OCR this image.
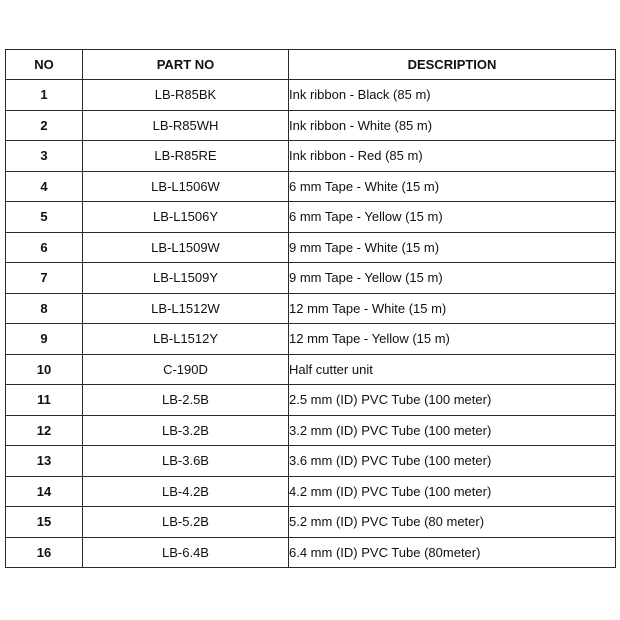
NO	PART NO	DESCRIPTION
1	LB-R85BK	Ink ribbon - Black (85 m)
2	LB-R85WH	Ink ribbon - White (85 m)
3	LB-R85RE	Ink ribbon - Red (85 m)
4	LB-L1506W	6 mm Tape - White (15 m)
5	LB-L1506Y	6 mm Tape - Yellow (15 m)
6	LB-L1509W	9 mm Tape - White (15 m)
7	LB-L1509Y	9 mm Tape - Yellow (15 m)
8	LB-L1512W	12 mm Tape - White (15 m)
9	LB-L1512Y	12 mm Tape - Yellow (15 m)
10	C-190D	Half cutter unit
11	LB-2.5B	2.5 mm (ID) PVC Tube (100 meter)
12	LB-3.2B	3.2 mm (ID) PVC Tube (100 meter)
13	LB-3.6B	3.6 mm (ID) PVC Tube (100 meter)
14	LB-4.2B	4.2 mm (ID) PVC Tube (100 meter)
15	LB-5.2B	5.2 mm (ID) PVC Tube (80 meter)
16	LB-6.4B	6.4 mm (ID) PVC Tube (80meter)
